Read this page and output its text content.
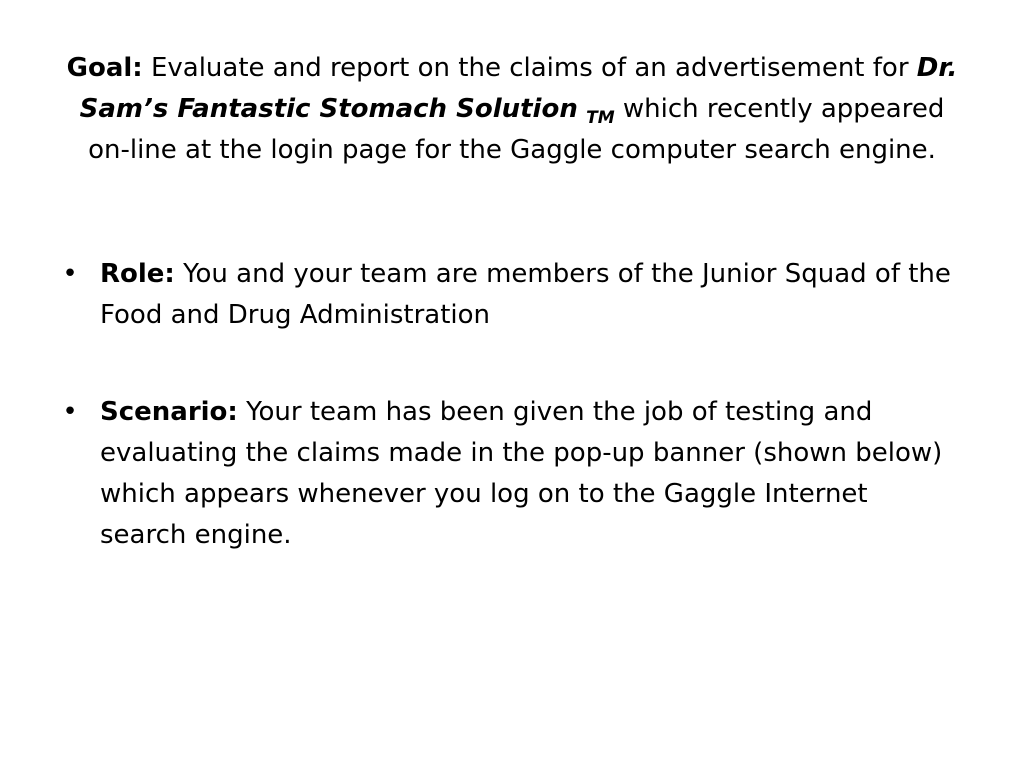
Goal: Evaluate and report on the claims of an advertisement for Dr. Sam’s Fantastic Stomach Solution $_{TM}$ which recently appeared on-line at the login page for the Gaggle computer search engine.

• Role: You and your team are members of the Junior Squad of the Food and Drug Administration
• Scenario: Your team has been given the job of testing and evaluating the claims made in the pop-up banner (shown below) which appears whenever you log on to the Gaggle Internet search engine.
